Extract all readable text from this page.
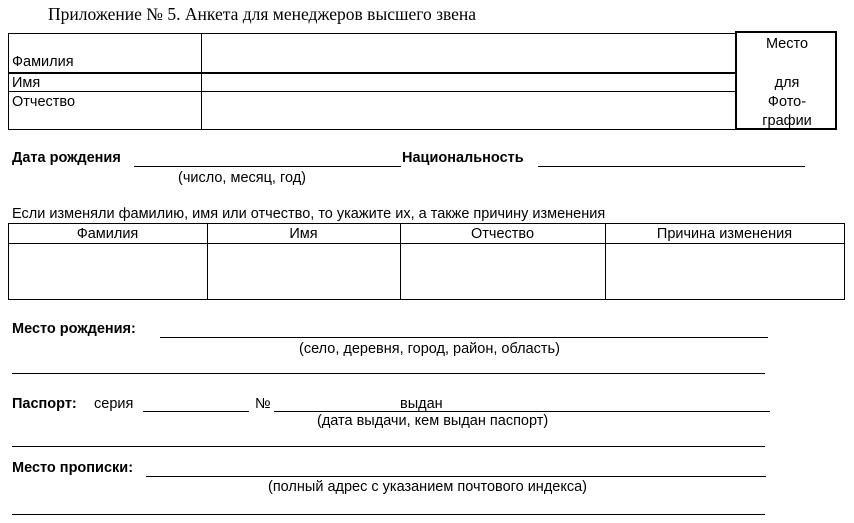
Приложение № 5. Анкета для менеджеров высшего звена
Фамилия
Имя
Отчество
Место
для
Фото-
графии
Дата рождения
(число, месяц, год)
Национальность
Если изменяли фамилию, имя или отчество, то укажите их, а также причину изменения
Фамилия	Имя	Отчество	Причина изменения
Место рождения:
(село, деревня, город, район, область)
Паспорт: серия	№	выдан
(дата выдачи, кем выдан паспорт)
Место прописки:
(полный адрес с указанием почтового индекса)
